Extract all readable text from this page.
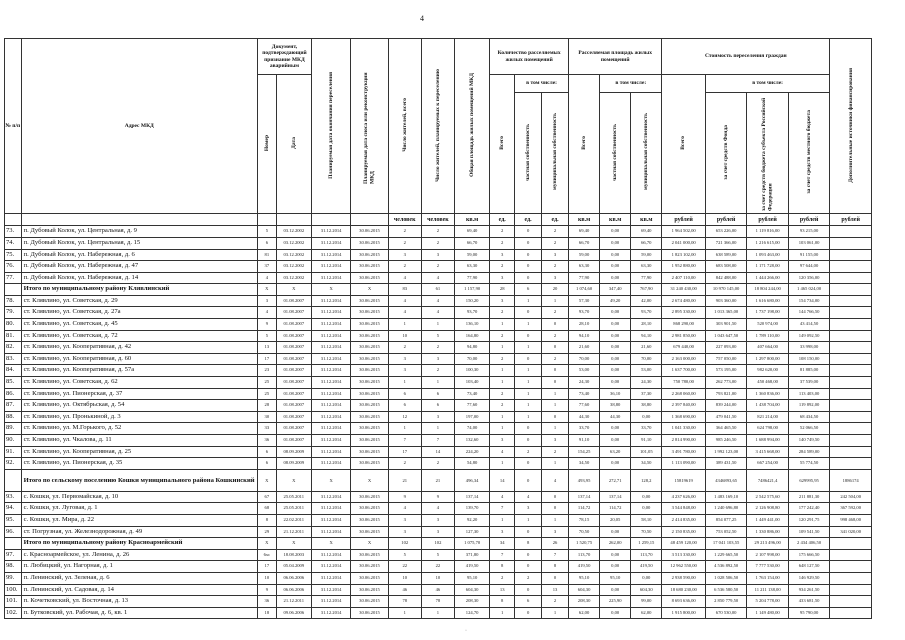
4
№ п/п	Адрес МКД	Документ, подтверждающий признание МКД аварийным		Планируемая дата окончания переселения	Планируемая дата сноса или реконструкции МКД	Число жителей, всего	Число жителей, планируемых к переселению	Общая площадь жилых помещений МКД	Количество расселяемых жилых помещений			Расселяемая площадь жилых помещений			Стоимость переселения граждан				Дополнительные источники финансирования
		Номер	Дата						Всего	в том числе:		Всего	в том числе:		Всего	в том числе:			
										частная собственность	муниципальная собственность		частная собственность	муниципальная собственность		за счет средств Фонда	за счет средств бюджета субъекта Российской Федерации	за счет средств местного бюджета	
						человек	человек	кв.м	ед.	ед.	ед.	кв.м	кв.м	кв.м	рублей	рублей	рублей	рублей	рублей
73.	п. Дубовый Колок, ул. Центральная, д. 9	5	03.12.2002	31.12.2014	30.06.2015	2	2	69,40	2	0	2	69,40	0,00	69,40	1 964 502,00	653 226,00	1 119 816,00	93 215,00	
74.	п. Дубовый Колок, ул. Центральная, д. 15	6	03.12.2002	31.12.2014	30.06.2015	2	2	66,70	2	0	2	66,70	0,00	66,70	2 041 000,00	721 366,00	1 216 615,00	103 061,00	
75.	п. Дубовый Колок, ул. Набережная, д. 6	81	03.12.2002	31.12.2014	30.06.2015	3	3	59,00	3	0	3	59,00	0,00	59,00	1 823 102,00	638 589,00	1 093 463,00	91 155,00	
76.	п. Дубовый Колок, ул. Набережная, д. 47	37	03.12.2002	31.12.2014	30.06.2015	2	2	63,30	2	0	2	63,30	0,00	63,30	1 952 880,00	683 508,00	1 171 728,00	97 644,00	
77.	п. Дубовый Колок, ул. Набережная, д. 14	4	03.12.2002	31.12.2014	30.06.2015	4	4	77,90	3	0	3	77,90	0,00	77,90	2 407 110,00	842 488,00	1 444 266,00	120 356,00	
	Итого по муниципальному району Клявлинский	X	X	X	X	83	61	1 157,90	28	6	20	1 074,60	347,40	767,90	31 240 430,00	10 970 145,00	18 804 244,00	1 465 024,00	
78.	ст. Клявлино, ул. Советская, д. 29	3	01.08.2007	31.12.2014	30.06.2015	4	4	150,20	3	1	1	57,30	49,20	42,00	2 674 480,00	903 360,00	1 616 680,00	154 734,00	
79.	ст. Клявлино, ул. Советская, д. 27а	4	01.08.2007	31.12.2014	30.06.2015	4	4	93,70	2	0	2	93,70	0,00	93,70	2 895 330,00	1 013 365,00	1 737 198,00	144 766,50	
80.	ст. Клявлино, ул. Советская, д. 45	9	01.08.2007	31.12.2014	30.06.2015	1	1	136,10	1	1	0	28,10	0,00	28,10	868 290,00	303 901,50	520 974,00	43 414,50	
81.	ст. Клявлино, ул. Советская, д. 72	5	01.08.2007	31.12.2014	30.06.2015	10	5	164,80	2	0	2	94,10	0,00	94,10	2 981 850,00	1 043 647,50	1 789 110,00	149 092,50	
82.	ст. Клявлино, ул. Кооперативная, д. 42	13	01.08.2007	31.12.2014	30.06.2015	2	2	94,80	1	1	0	21,60	0,00	21,60	679 440,00	227 093,00	407 664,00	33 998,00	
83.	ст. Клявлино, ул. Кооперативная, д. 60	17	01.08.2007	31.12.2014	30.06.2015	3	3	70,00	2	0	2	70,00	0,00	70,00	2 163 000,00	757 050,00	1 297 800,00	108 150,00	
84.	ст. Клявлино, ул. Кооперативная, д. 57а	23	01.08.2007	31.12.2014	30.06.2015	3	2	100,30	1	1	0	53,00	0,00	53,00	1 637 700,00	573 195,00	982 620,00	81 885,00	
85.	ст. Клявлино, ул. Советская, д. 62	25	01.08.2007	31.12.2014	30.06.2015	1	1	103,40	1	1	0	24,30	0,00	24,30	750 780,00	262 773,00	450 468,00	37 539,00	
86.	ст. Клявлино, ул. Пионерская, д. 37	25	01.08.2007	31.12.2014	30.06.2015	6	6	73,40	2	1	1	73,40	36,10	37,30	2 268 060,00	793 821,00	1 360 836,00	113 403,00	
87.	ст. Клявлино, ул. Октябрьская, д. 54	28	01.08.2007	31.12.2014	30.06.2015	6	6	77,60	2	1	1	77,60	38,80	38,80	2 397 840,00	839 244,00	1 438 704,00	119 892,00	
88.	ст. Клявлино, ул. Пронькиной, д. 3	30	01.08.2007	31.12.2014	30.06.2015	12	3	197,00	1	1	0	44,30	44,30	0,00	1 368 690,00	479 041,50	821 214,00	68 434,50	
89.	ст. Клявлино, ул. М.Горького, д. 52	33	01.08.2007	31.12.2014	30.06.2015	1	1	74,00	1	0	1	33,70	0,00	33,70	1 041 330,00	364 465,50	624 798,00	52 066,50	
90.	ст. Клявлино, ул. Чкалова, д. 11	36	01.08.2007	31.12.2014	30.06.2015	7	7	132,60	3	0	3	91,10	0,00	91,10	2 814 990,00	985 246,50	1 688 994,00	140 749,50	
91.	ст. Клявлино, ул. Кооперативная, д. 25	6	08.09.2009	31.12.2014	30.06.2015	17	14	224,20	4	2	2	154,25	63,20	101,05	3 491 780,00	1 992 123,00	3 415 668,00	284 589,00	
92.	ст. Клявлино, ул. Пионерская, д. 35	6	08.09.2009	31.12.2014	30.06.2015	2	2	54,80	1	0	1	34,50	0,00	34,50	1 113 090,00	389 431,50	667 254,00	55 774,50	
	Итого по сельскому поселению Кошки муниципального района Кошкинский	X	X	X	X	21	21	496,34	14	0	4	493,95	272,71	128,2	15819619	4346893,65	7486421,4	629995,95	1886174
93.	с. Кошки, ул. Первомайская, д. 10	67	25.05.2011	31.12.2014	30.06.2015	9	9	137,14	4	4	0	137,14	137,14	0,00	4 237 626,00	1 483 169,10	2 542 575,60	211 881,30	242 504,00
94.	с. Кошки, ул. Луговая, д. 1	68	25.05.2011	31.12.2014	30.06.2015	4	4	139,70	7	3	0	114,72	114,72	0,00	3 544 848,00	1 240 696,80	2 126 908,80	177 242,40	367 592,00
95.	с. Кошки, ул. Мира, д. 22	8	22.02.2011	31.12.2014	30.06.2015	3	3	92,20	1	1	1	78,15	20,05	58,10	2 414 835,00	854 077,25	1 449 441,00	120 291,75	998 468,00
96.	ст. Погрузная, ул. Железнодорожная, д. 49	29	21.12.2011	31.12.2014	30.06.2015	3	3	127,30	3	0	3	70,50	0,00	70,50	2 150 835,00	753 052,50	1 330 886,00	109 541,50	341 020,00
	Итого по муниципальному району Красноармейский	X	X	X	X	102	102	1 075,70	34	8	26	1 520,75	262,00	1 259,15	48 459 120,00	17 041 103,55	29 213 496,00	2 434 406,50	
97.	с. Красноармейское, ул. Ленина, д. 26	6хс	18.08.2003	31.12.2014	30.06.2015	5	5	371,80	7	0	7	113,70	0,00	113,70	3 513 330,00	1 229 665,50	2 107 998,00	175 666,50	
98.	п. Любицкий, ул. Нагорная, д. 1	17	05.04.2009	31.12.2014	30.06.2015	22	22	419,50	8	0	8	419,50	0,00	419,50	12 962 550,00	4 536 892,50	7 777 530,00	648 127,50	
99.	п. Ленинский, ул. Зеленая, д. 6	10	06.06.2006	31.12.2014	30.06.2015	10	10	95,10	2	2	0	95,10	95,10	0,00	2 938 590,00	1 028 506,50	1 763 154,00	146 929,50	
100.	п. Ленинский, ул. Садовая, д. 14	9	06.06.2006	31.12.2014	30.06.2015	46	46	604,30	13	0	13	604,30	0,00	604,30	18 680 230,00	6 536 580,50	11 211 138,00	934 261,50	
101.	п. Кочетковский, ул. Восточная, д. 13	36	21.12.2011	31.12.2014	30.06.2015	78	78	208,30	8	6	2	208,30	225,90	99,00	8 693 636,00	2 850 779,50	5 204 778,00	433 681,50	
102.	п. Бутковский, ул. Рабочая, д. 6, кв. 1	18	09.06.2006	31.12.2014	30.06.2015	1	1	124,70	1	0	1	62,00	0,00	62,00	1 915 800,00	670 530,00	1 149 480,00	95 790,00	
·
